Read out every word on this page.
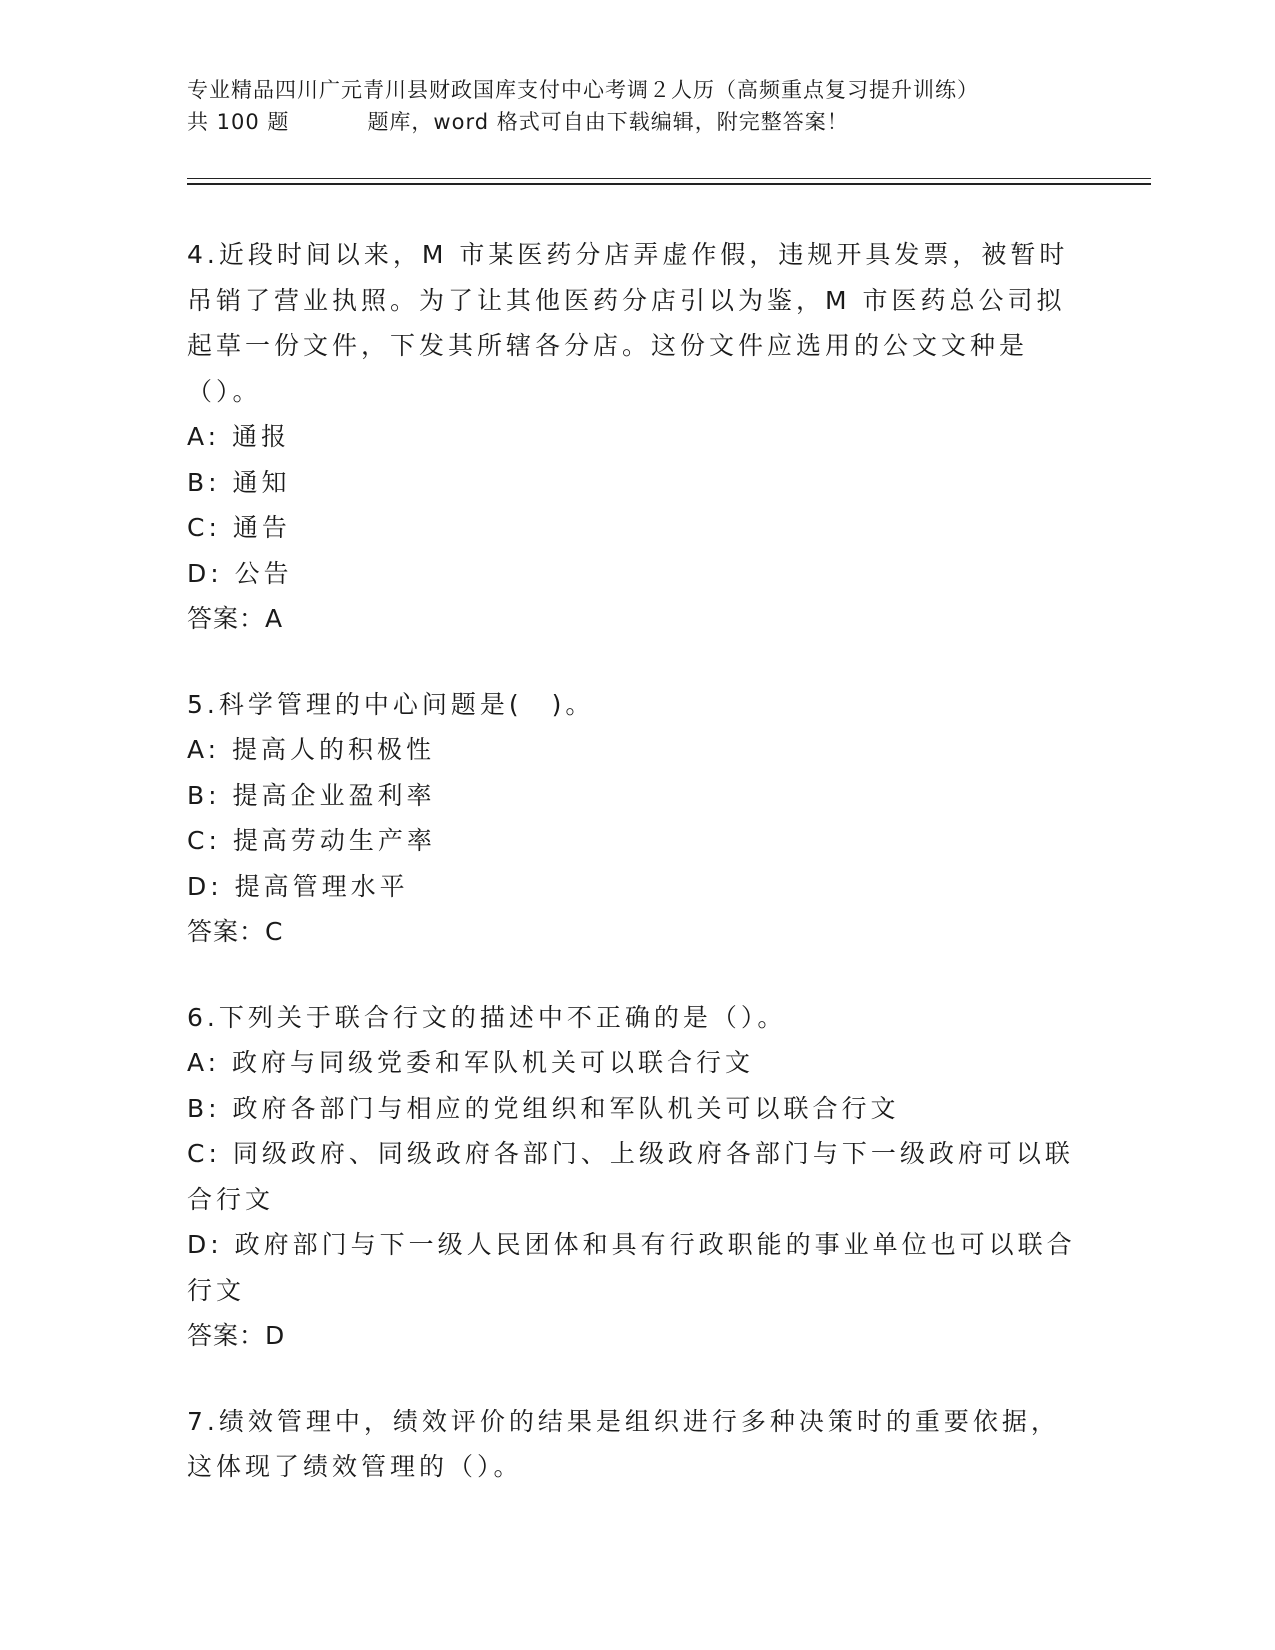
专业精品四川广元青川县财政国库支付中心考调２人历（高频重点复习提升训练）
共 100 题	题库，word 格式可自由下载编辑，附完整答案！
4.近段时间以来，M 市某医药分店弄虚作假，违规开具发票，被暂时吊销了营业执照。为了让其他医药分店引以为鉴，M 市医药总公司拟起草一份文件，下发其所辖各分店。这份文件应选用的公文文种是（）。
A: 通报
B: 通知
C: 通告
D: 公告
答案：A
5.科学管理的中心问题是(　)。
A: 提高人的积极性
B: 提高企业盈利率
C: 提高劳动生产率
D: 提高管理水平
答案：C
6.下列关于联合行文的描述中不正确的是（）。
A: 政府与同级党委和军队机关可以联合行文
B: 政府各部门与相应的党组织和军队机关可以联合行文
C: 同级政府、同级政府各部门、上级政府各部门与下一级政府可以联合行文
D: 政府部门与下一级人民团体和具有行政职能的事业单位也可以联合行文
答案：D
7.绩效管理中，绩效评价的结果是组织进行多种决策时的重要依据，这体现了绩效管理的（）。
